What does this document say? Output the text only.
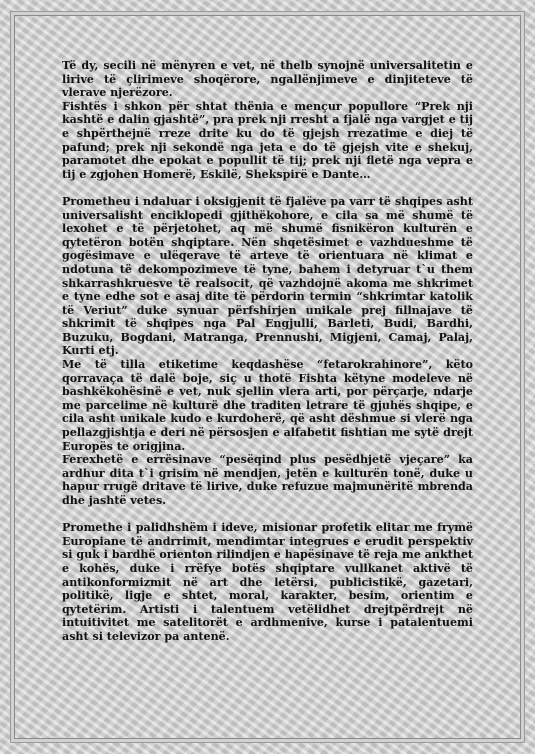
Të dy, secili në mënyren e vet, në thelb synojnë universalitetin e lirive të çlirimeve shoqërore, ngallënjimeve e dinjiteteve të vlerave njerëzore.

Fishtës i shkon për shtat thënia e mençur popullore “Prek nji kashtë e dalin gjashtë”, pra prek nji rresht a fjalë nga vargjet e tij e shpërthejnë rreze drite ku do të gjejsh rrezatime e diej të pafund; prek nji sekondë nga jeta e do të gjejsh vite e shekuj, paramotet dhe epokat e popullit të tij; prek nji fletë nga vepra e tij e zgjohen Homerë, Eskilë, Shekspirë e Dante…

Prometheu i ndaluar i oksigjenit të fjalëve pa varr të shqipes asht universalisht enciklopedi gjithëkohore, e cila sa më shumë të lexohet e të përjetohet, aq më shumë fisnikëron kulturën e qytetëron botën shqiptare. Nën shqetësimet e vazhdueshme të gogësimave e ulëqerave të arteve të orientuara në klimat e ndotuna të dekompozimeve të tyne, bahem i detyruar t`u them shkarrashkruesve të realsocit, që vazhdojnë akoma me shkrimet e tyne edhe sot e asaj dite të përdorin termin “shkrimtar katolik të Veriut” duke synuar përfshirjen unikale prej fillnajave të shkrimit të shqipes nga Pal Engjulli, Barleti, Budi, Bardhi, Buzuku, Bogdani, Matranga, Prennushi, Migjeni, Camaj, Palaj, Kurti etj.

Me të tilla etiketime keqdashëse “fetarokrahinore”, këto qorravaça të dalë boje, siç u thotë Fishta këtyne modeleve në bashkëkohësinë e vet, nuk sjellin vlera arti, por përçarje, ndarje me parcelime në kulturë dhe traditen letrare të gjuhës shqipe, e cila asht unikale kudo e kurdoherë, që asht dëshmue si vlerë nga pellazgjishtja e deri në përsosjen e alfabetit fishtian me sytë drejt Europës te origjina.

Ferexhetë e errësinave “pesëqind plus pesëdhjetë vjeçare” ka ardhur dita t`i grisim në mendjen, jetën e kulturën tonë, duke u hapur rrugë dritave të lirive, duke refuzue majmunëritë mbrenda dhe jashtë vetes.

Promethe i palidhshëm i ideve, misionar profetik elitar me frymë Europiane të andrrimit, mendimtar integrues e erudit perspektiv si guk i bardhë orienton rilindjen e hapësinave të reja me ankthet e kohës, duke i rrëfye botës shqiptare vullkanet aktivë të antikonformizmit në art dhe letërsi, publicistikë, gazetari, politikë, ligje e shtet, moral, karakter, besim, orientim e qytetërim. Artisti i talentuem vetëlidhet drejtpërdrejt në intuitivitet me satelitorët e ardhmenive, kurse i patalentuemi asht si televizor pa antenë.
